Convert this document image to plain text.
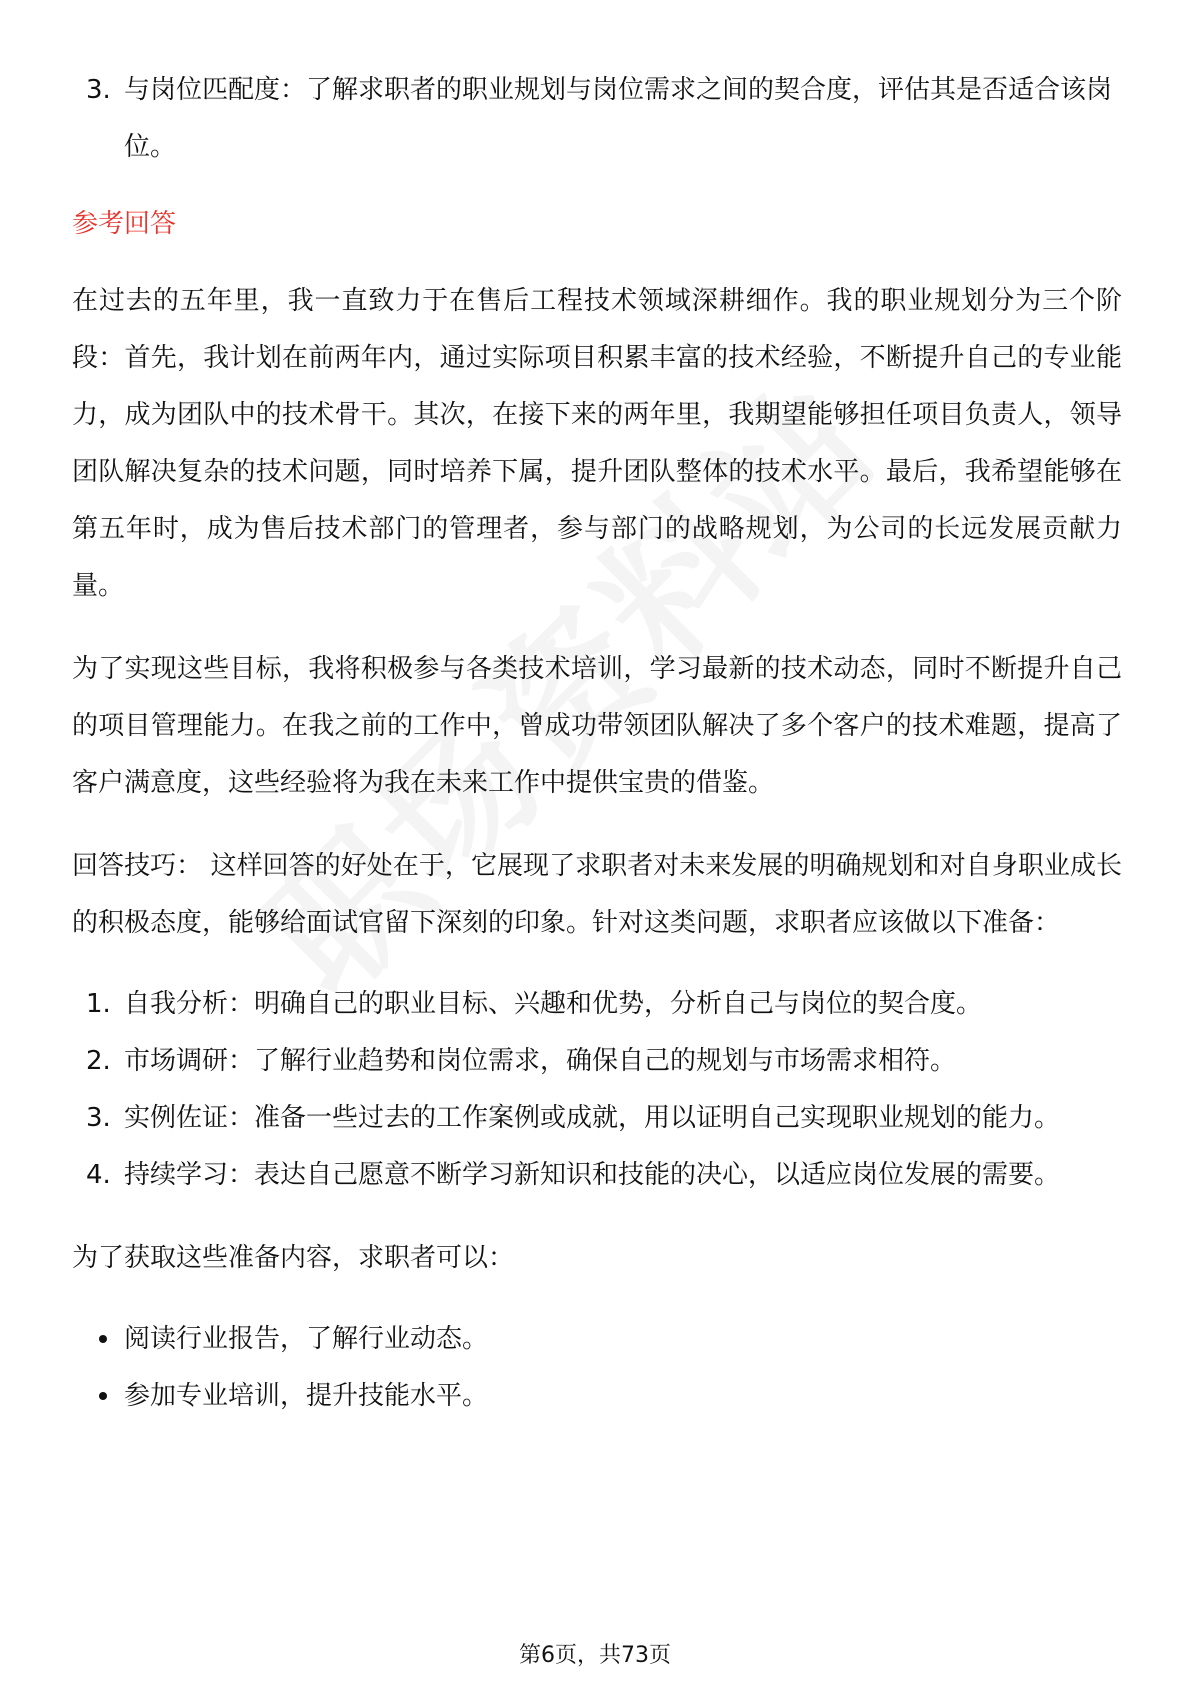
3. 与岗位匹配度：了解求职者的职业规划与岗位需求之间的契合度，评估其是否适合该岗位。
参考回答

在过去的五年里，我一直致力于在售后工程技术领域深耕细作。我的职业规划分为三个阶段：首先，我计划在前两年内，通过实际项目积累丰富的技术经验，不断提升自己的专业能力，成为团队中的技术骨干。其次，在接下来的两年里，我期望能够担任项目负责人，领导团队解决复杂的技术问题，同时培养下属，提升团队整体的技术水平。最后，我希望能够在第五年时，成为售后技术部门的管理者，参与部门的战略规划，为公司的长远发展贡献力量。

为了实现这些目标，我将积极参与各类技术培训，学习最新的技术动态，同时不断提升自己的项目管理能力。在我之前的工作中，曾成功带领团队解决了多个客户的技术难题，提高了客户满意度，这些经验将为我在未来工作中提供宝贵的借鉴。

回答技巧： 这样回答的好处在于，它展现了求职者对未来发展的明确规划和对自身职业成长的积极态度，能够给面试官留下深刻的印象。针对这类问题，求职者应该做以下准备：

1. 自我分析：明确自己的职业目标、兴趣和优势，分析自己与岗位的契合度。
2. 市场调研：了解行业趋势和岗位需求，确保自己的规划与市场需求相符。
3. 实例佐证：准备一些过去的工作案例或成就，用以证明自己实现职业规划的能力。
4. 持续学习：表达自己愿意不断学习新知识和技能的决心，以适应岗位发展的需要。

为了获取这些准备内容，求职者可以：

阅读行业报告，了解行业动态。
参加专业培训，提升技能水平。
第6页，共73页
